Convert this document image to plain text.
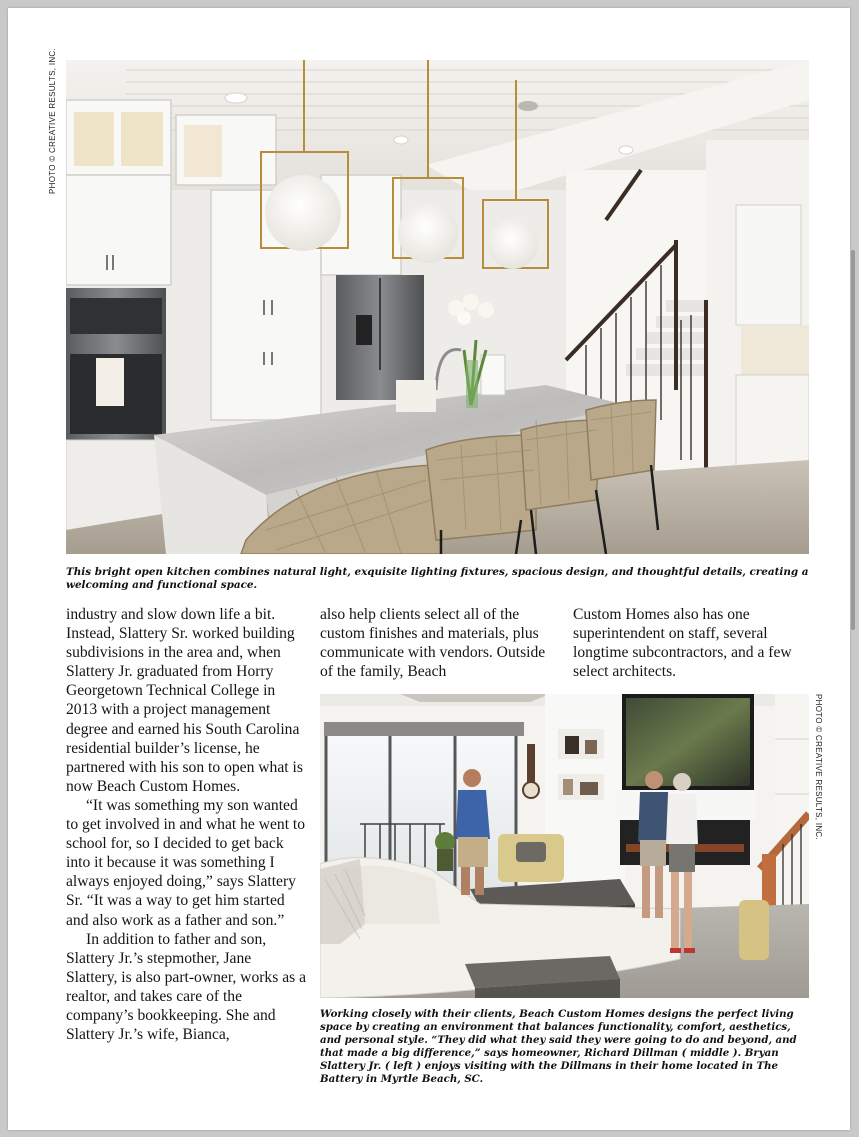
PHOTO © CREATIVE RESULTS, INC.

This bright open kitchen combines natural light, exquisite lighting fixtures, spacious design, and thoughtful details, creating a welcoming and functional space.

industry and slow down life a bit. Instead, Slattery Sr. worked building subdivisions in the area and, when Slattery Jr. graduated from Horry Georgetown Technical College in 2013 with a project management degree and earned his South Carolina residential builder’s license, he partnered with his son to open what is now Beach Custom Homes.

“It was something my son wanted to get involved in and what he went to school for, so I decided to get back into it because it was something I always enjoyed doing,” says Slattery Sr. “It was a way to get him started and also work as a father and son.”

In addition to father and son, Slattery Jr.’s stepmother, Jane Slattery, is also part-owner, works as a realtor, and takes care of the company’s bookkeeping. She and Slattery Jr.’s wife, Bianca,

also help clients select all of the custom finishes and materials, plus communicate with vendors. Outside of the family, Beach

Custom Homes also has one superintendent on staff, several longtime subcontractors, and a few select architects.

PHOTO © CREATIVE RESULTS, INC.

Working closely with their clients, Beach Custom Homes designs the perfect living space by creating an environment that balances functionality, comfort, aesthetics, and personal style. “They did what they said they were going to do and beyond, and that made a big difference,” says homeowner, Richard Dillman ( middle ). Bryan Slattery Jr. ( left ) enjoys visiting with the Dillmans in their home located in The Battery in Myrtle Beach, SC.
